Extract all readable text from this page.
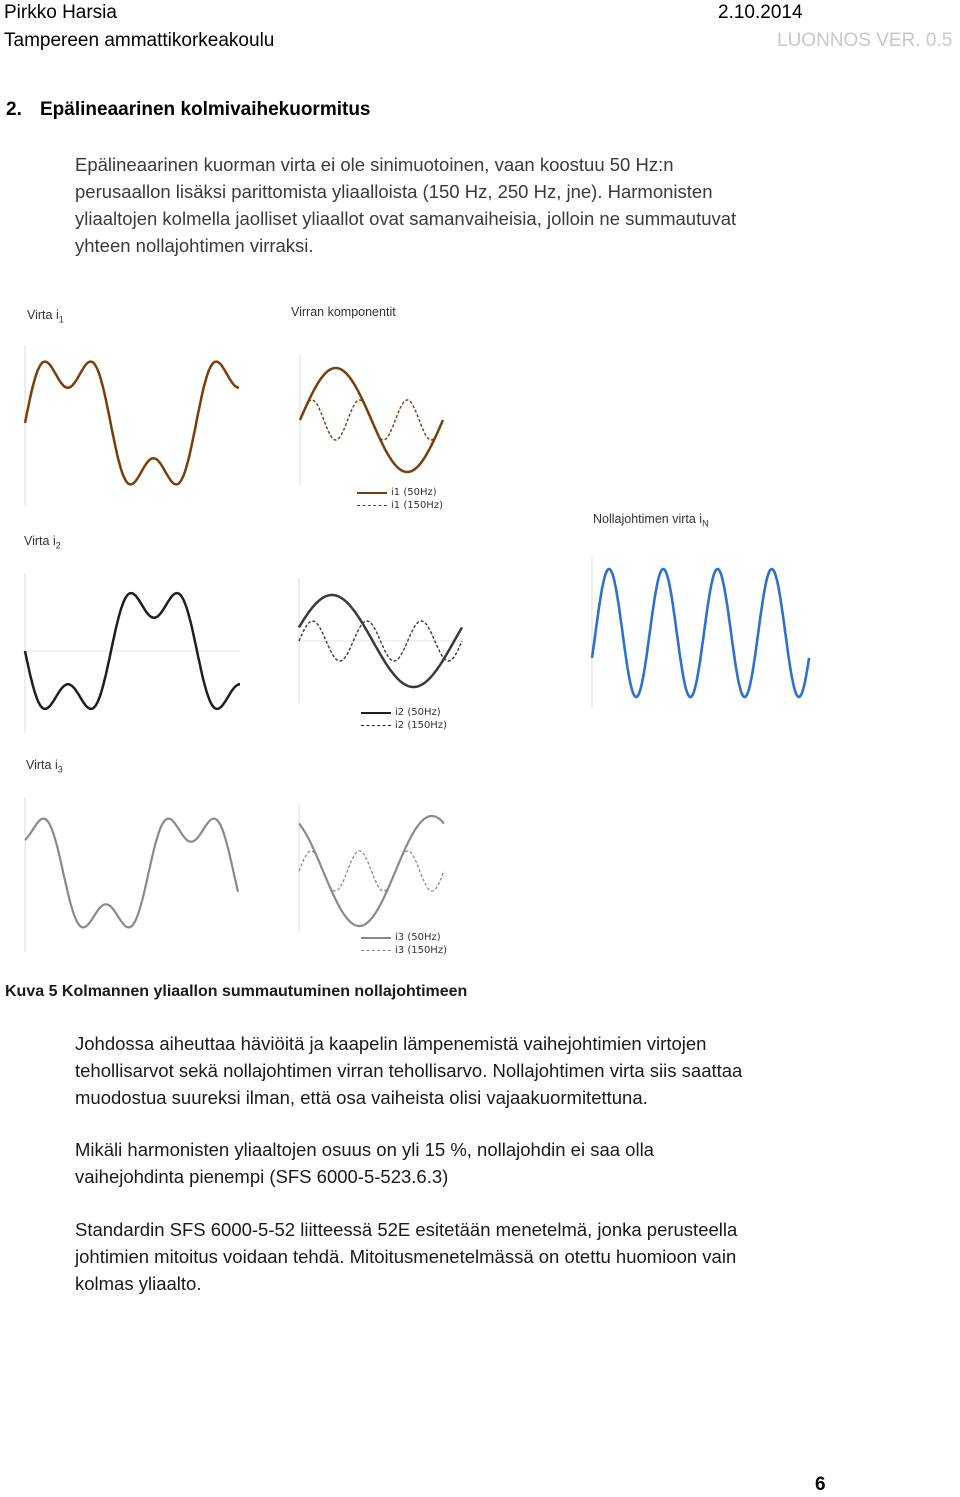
Pirkko Harsia	2.10.2014
Tampereen ammattikorkeakoulu	LUONNOS VER. 0.5
2. Epälineaarinen kolmivaihekuormitus
Epälineaarinen kuorman virta ei ole sinimuotoinen, vaan koostuu 50 Hz:n
perusaallon lisäksi parittomista yliaalloista (150 Hz, 250 Hz, jne). Harmonisten
yliaaltojen kolmella jaolliset yliaallot ovat samanvaiheisia, jolloin ne summautuvat
yhteen nollajohtimen virraksi.
Virta $i_1$
Virran komponentit
Virta $i_2$
Nollajohtimen virta $i_N$
Virta $i_3$
i1 (50Hz)
i1 (150Hz)
i2 (50Hz)
i2 (150Hz)
i3 (50Hz)
i3 (150Hz)
Kuva 5 Kolmannen yliaallon summautuminen nollajohtimeen
Johdossa aiheuttaa häviöitä ja kaapelin lämpenemistä vaihejohtimien virtojen
tehollisarvot sekä nollajohtimen virran tehollisarvo. Nollajohtimen virta siis saattaa
muodostua suureksi ilman, että osa vaiheista olisi vajaakuormitettuna.
Mikäli harmonisten yliaaltojen osuus on yli 15 %, nollajohdin ei saa olla
vaihejohdinta pienempi (SFS 6000-5-523.6.3)
Standardin SFS 6000-5-52 liitteessä 52E esitetään menetelmä, jonka perusteella
johtimien mitoitus voidaan tehdä. Mitoitusmenetelmässä on otettu huomioon vain
kolmas yliaalto.
6
